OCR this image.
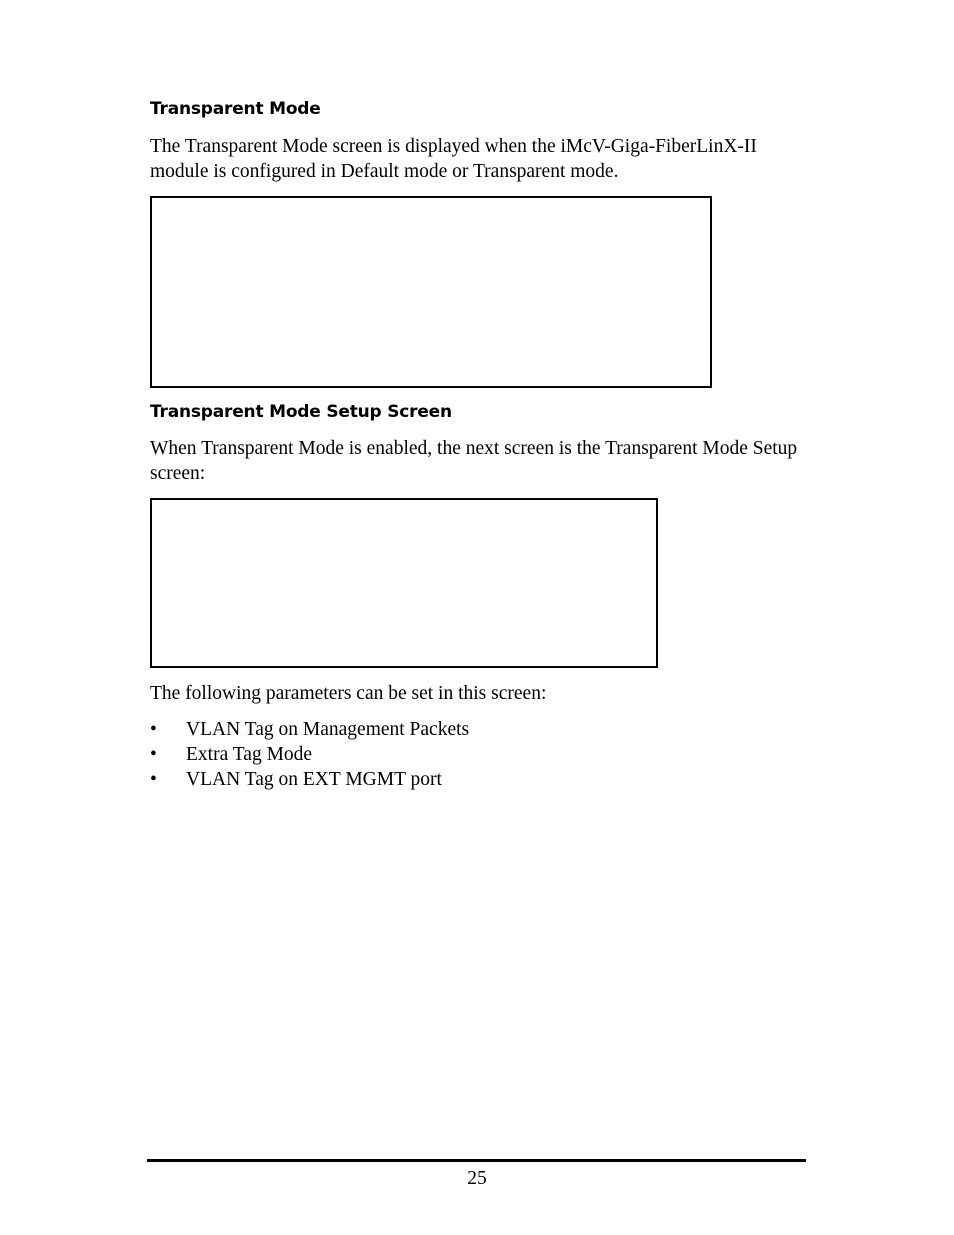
Transparent Mode

The Transparent Mode screen is displayed when the iMcV-Giga-FiberLinX-II module is configured in Default mode or Transparent mode.

Transparent Mode Setup Screen

When Transparent Mode is enabled, the next screen is the Transparent Mode Setup screen:

The following parameters can be set in this screen:

•	VLAN Tag on Management Packets
•	Extra Tag Mode
•	VLAN Tag on EXT MGMT port
25
